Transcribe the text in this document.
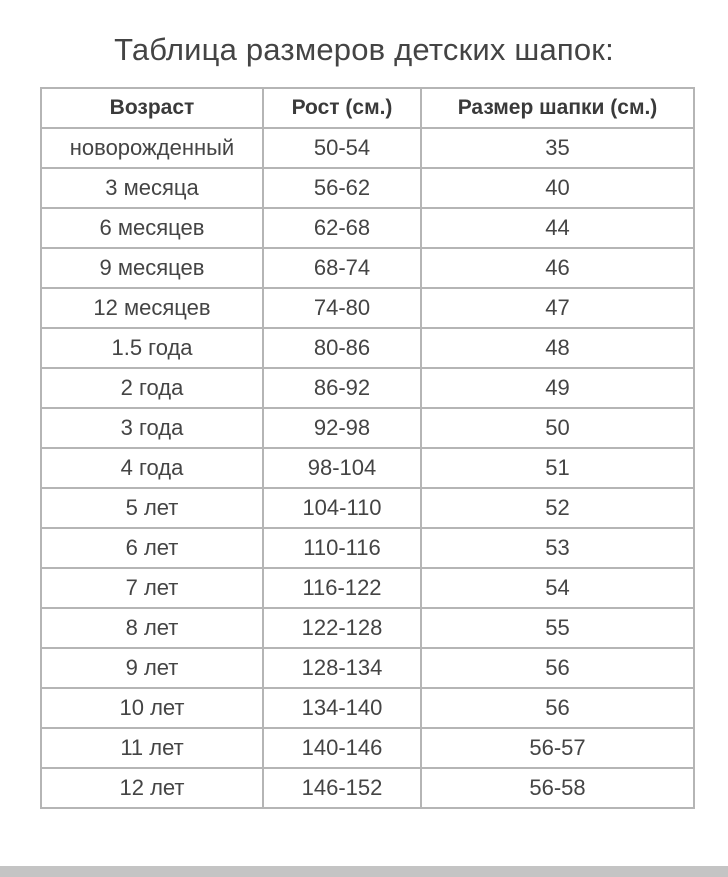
Таблица размеров детских шапок:
Возраст	Рост (см.)	Размер шапки (см.)
новорожденный	50-54	35
3 месяца	56-62	40
6 месяцев	62-68	44
9 месяцев	68-74	46
12 месяцев	74-80	47
1.5 года	80-86	48
2 года	86-92	49
3 года	92-98	50
4 года	98-104	51
5 лет	104-110	52
6 лет	110-116	53
7 лет	116-122	54
8 лет	122-128	55
9 лет	128-134	56
10 лет	134-140	56
11 лет	140-146	56-57
12 лет	146-152	56-58
